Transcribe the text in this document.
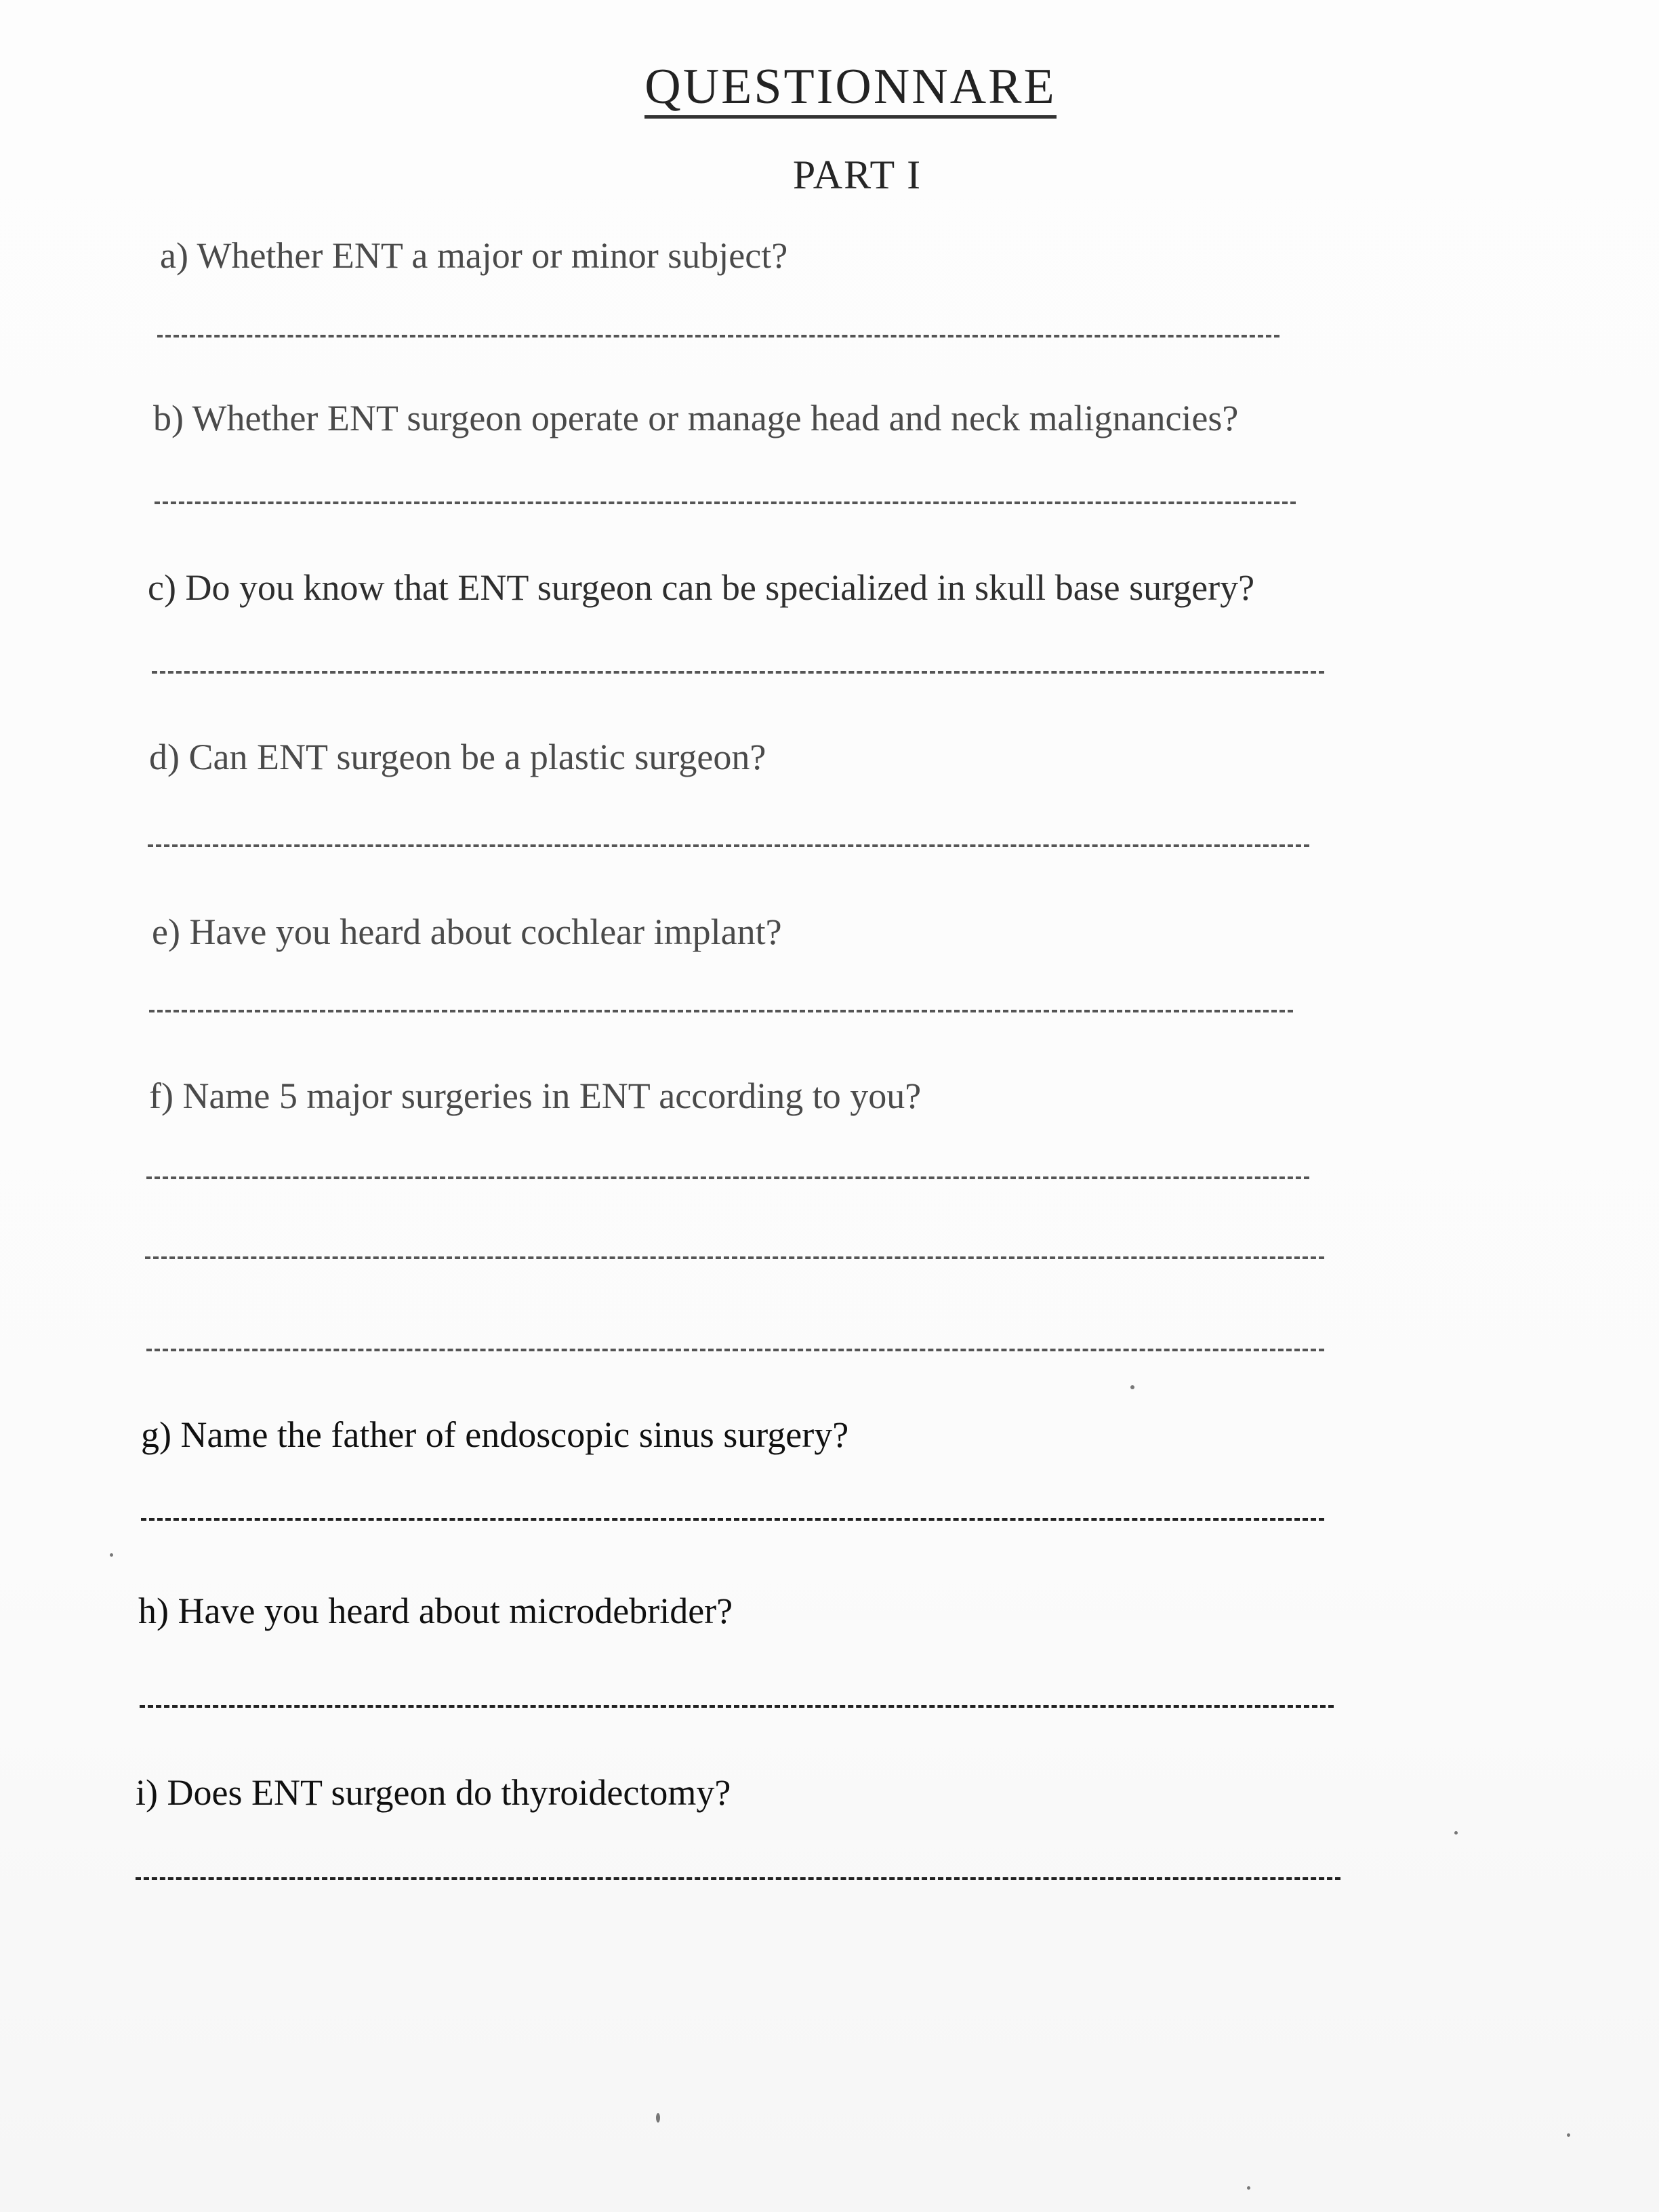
QUESTIONNARE
PART I
a) Whether ENT a major or minor subject?
b) Whether ENT surgeon operate or manage head and neck malignancies?
c) Do you know that ENT surgeon can be specialized in skull base surgery?
d) Can ENT surgeon be a plastic surgeon?
e) Have you heard about cochlear implant?
f) Name 5 major surgeries in ENT according to you?
g) Name the father of endoscopic sinus surgery?
h) Have you heard about microdebrider?
i) Does ENT surgeon do thyroidectomy?
